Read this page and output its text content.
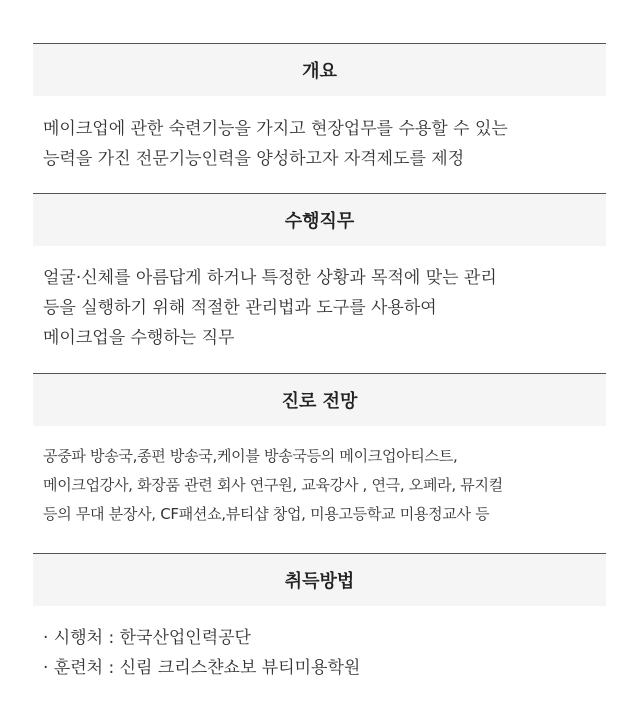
개요
메이크업에 관한 숙련기능을 가지고 현장업무를 수용할 수 있는
능력을 가진 전문기능인력을 양성하고자 자격제도를 제정
수행직무
얼굴·신체를 아름답게 하거나 특정한 상황과 목적에 맞는 관리
등을 실행하기 위해 적절한 관리법과 도구를 사용하여
메이크업을 수행하는 직무
진로 전망
공중파 방송국,종편 방송국,케이블 방송국등의 메이크업아티스트,
메이크업강사, 화장품 관련 회사 연구원, 교육강사 , 연극, 오페라, 뮤지컬
등의 무대 분장사, CF패션쇼,뷰티샵 창업, 미용고등학교 미용정교사 등
취득방법
· 시행처 : 한국산업인력공단
· 훈련처 : 신림 크리스챤쇼보 뷰티미용학원
